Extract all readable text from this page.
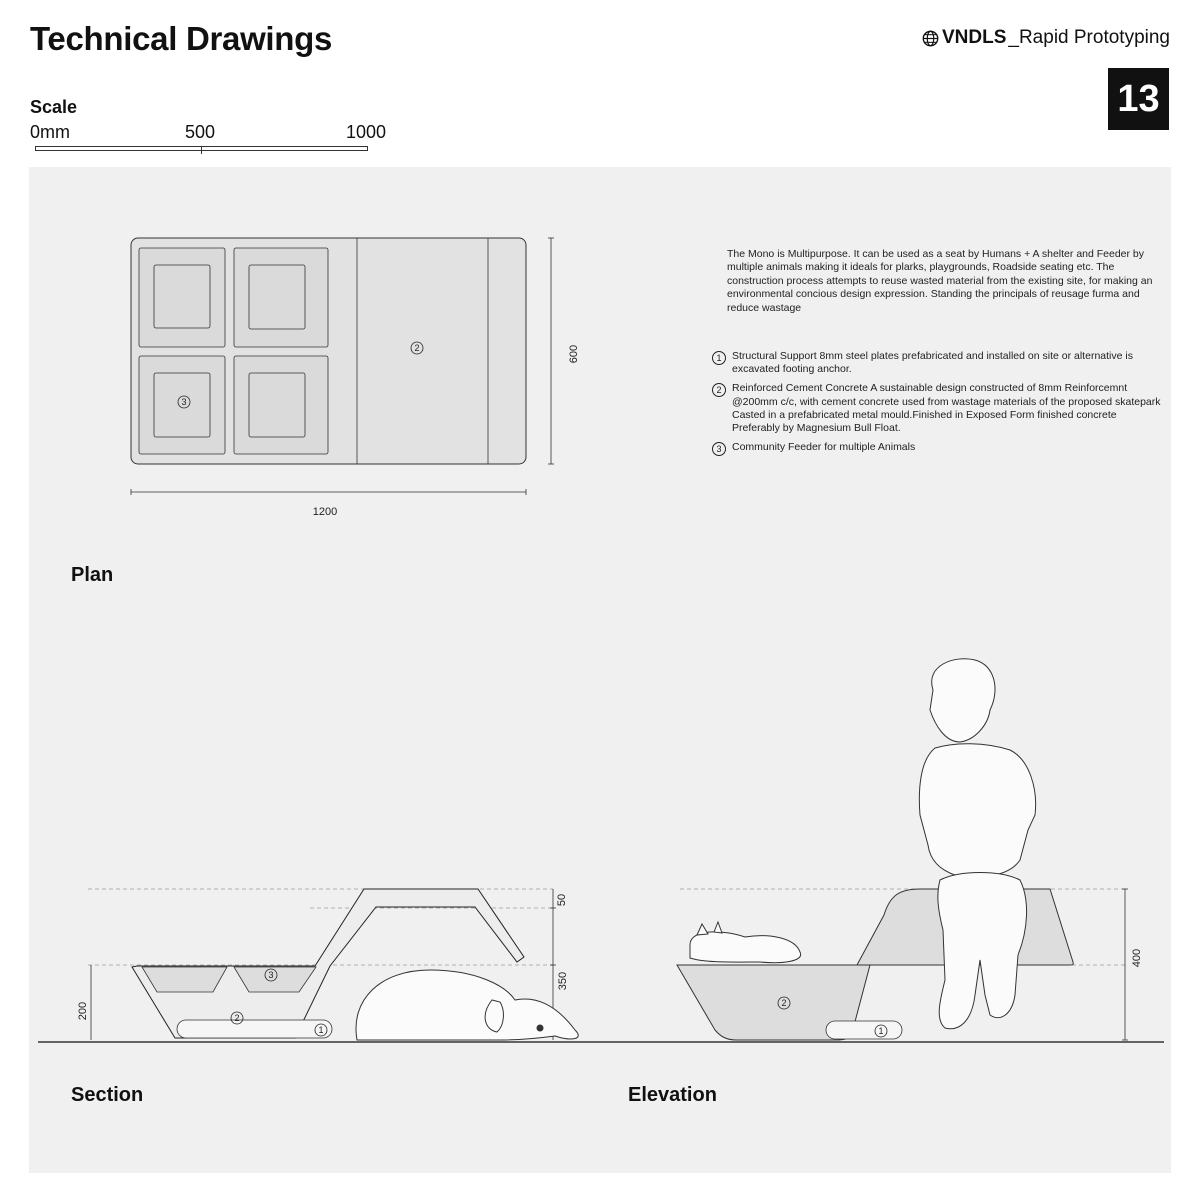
Technical Drawings	VNDLS _Rapid Prototyping
13
Scale
0mm	500	1000
2
3
1200
600
3
2
1
200
50
350
2
1
400
The Mono is Multipurpose. It can be used as a seat by Humans + A shelter and Feeder by multiple animals making it ideals for plarks, playgrounds, Roadside seating etc. The construction process attempts to reuse wasted material from the existing site, for making an environmental concious design expression. Standing the principals of reusage furma and reduce wastage
1	Structural Support 8mm steel plates prefabricated and installed on site or alternative is excavated footing anchor.
2	Reinforced Cement Concrete A sustainable design constructed of 8mm Reinforcemnt @200mm c/c, with cement concrete used from wastage materials of the proposed skatepark Casted in a prefabricated metal mould.Finished in Exposed Form finished concrete Preferably by Magnesium Bull Float.
3	Community Feeder for multiple Animals
Plan
Section	Elevation
